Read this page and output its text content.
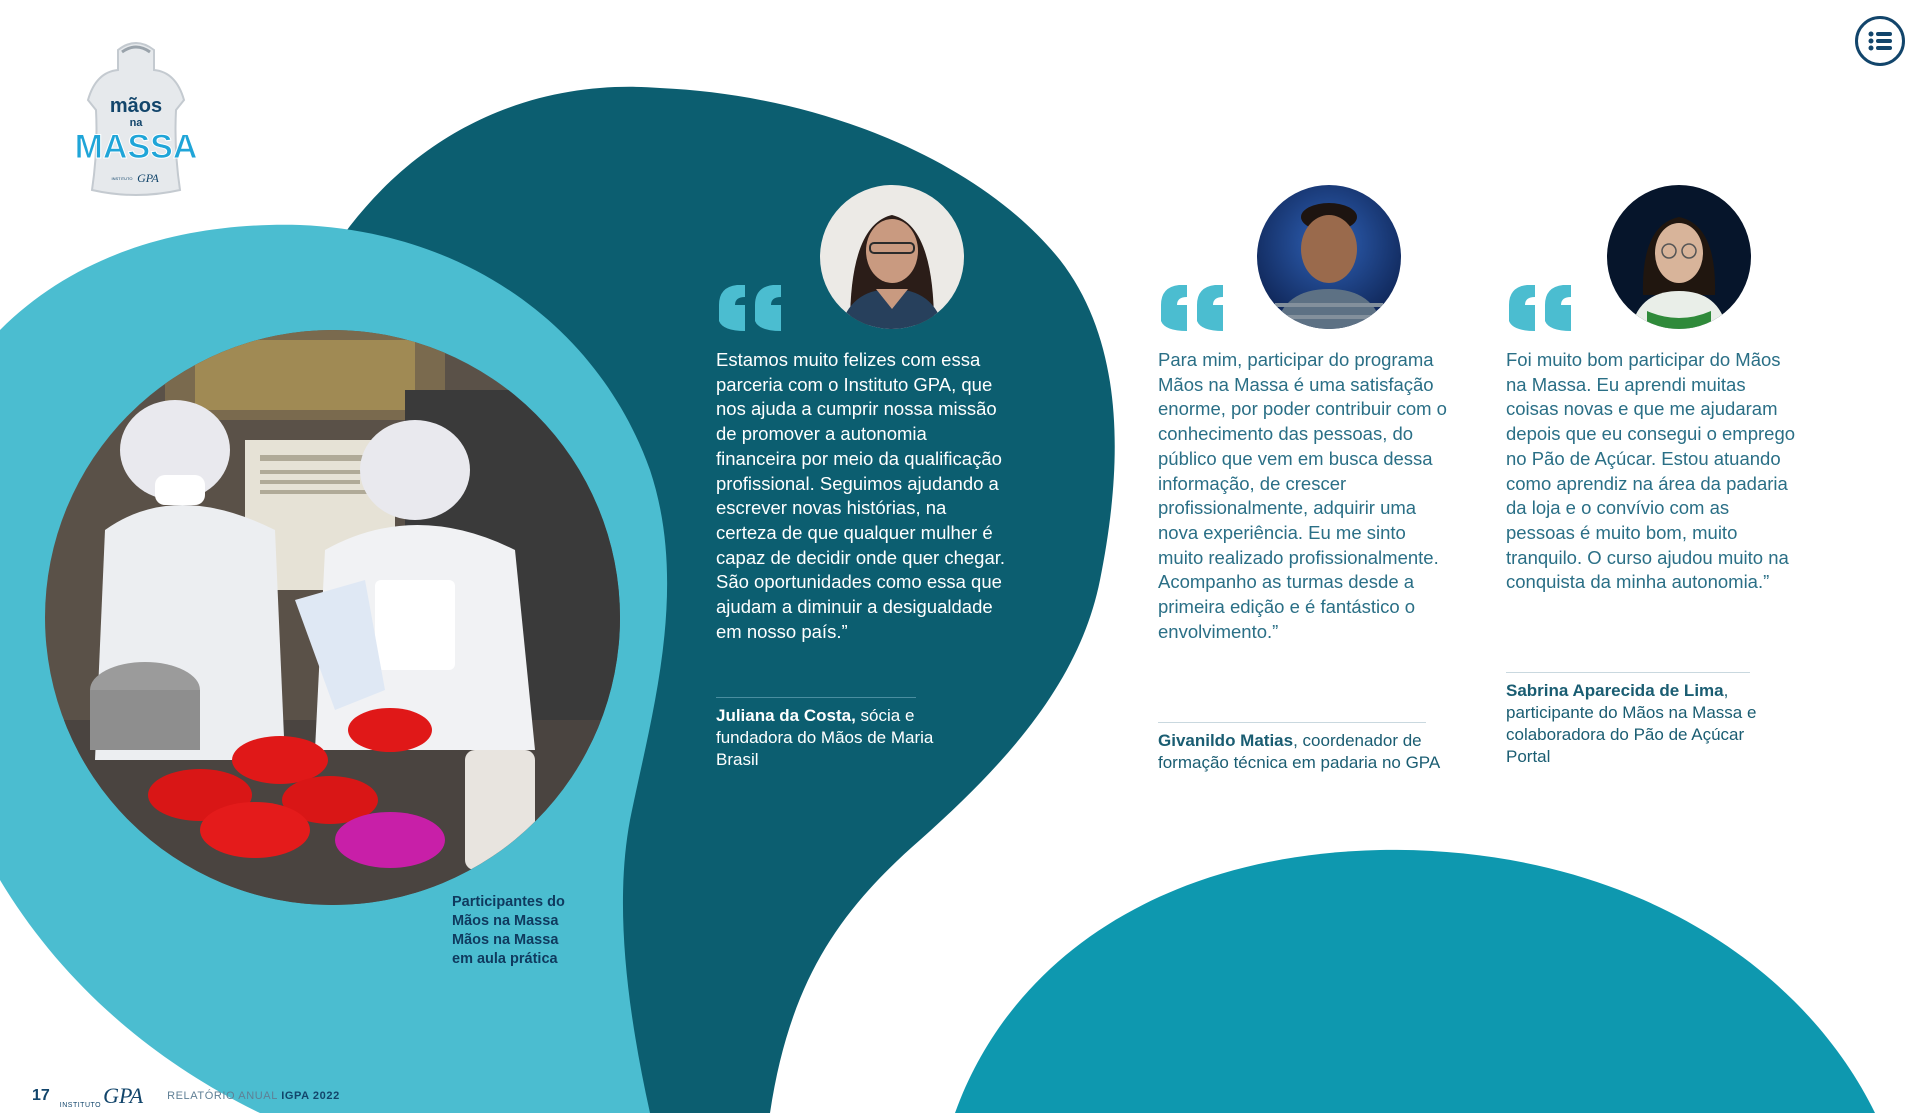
mãos
na
MASSA
INSTITUTO GPA
Participantes do Mãos na Massa Mãos na Massa em aula prática
Estamos muito felizes com essa parceria com o Instituto GPA, que nos ajuda a cumprir nossa missão de promover a autonomia financeira por meio da qualificação profissional. Seguimos ajudando a escrever novas histórias, na certeza de que qualquer mulher é capaz de decidir onde quer chegar. São oportunidades como essa que ajudam a diminuir a desigualdade em nosso país.”
Juliana da Costa, sócia e fundadora do Mãos de Maria Brasil
Para mim, participar do programa Mãos na Massa é uma satisfação enorme, por poder contribuir com o conhecimento das pessoas, do público que vem em busca dessa informação, de crescer profissionalmente, adquirir uma nova experiência. Eu me sinto muito realizado profissionalmente. Acompanho as turmas desde a primeira edição e é fantástico o envolvimento.”
Givanildo Matias, coordenador de formação técnica em padaria no GPA
Foi muito bom participar do Mãos na Massa. Eu aprendi muitas coisas novas e que me ajudaram depois que eu consegui o emprego no Pão de Açúcar. Estou atuando como aprendiz na área da padaria da loja e o convívio com as pessoas é muito bom, muito tranquilo. O curso ajudou muito na conquista da minha autonomia.”
Sabrina Aparecida de Lima, participante do Mãos na Massa e colaboradora do Pão de Açúcar Portal
17
INSTITUTO GPA RELATÓRIO ANUAL IGPA 2022
